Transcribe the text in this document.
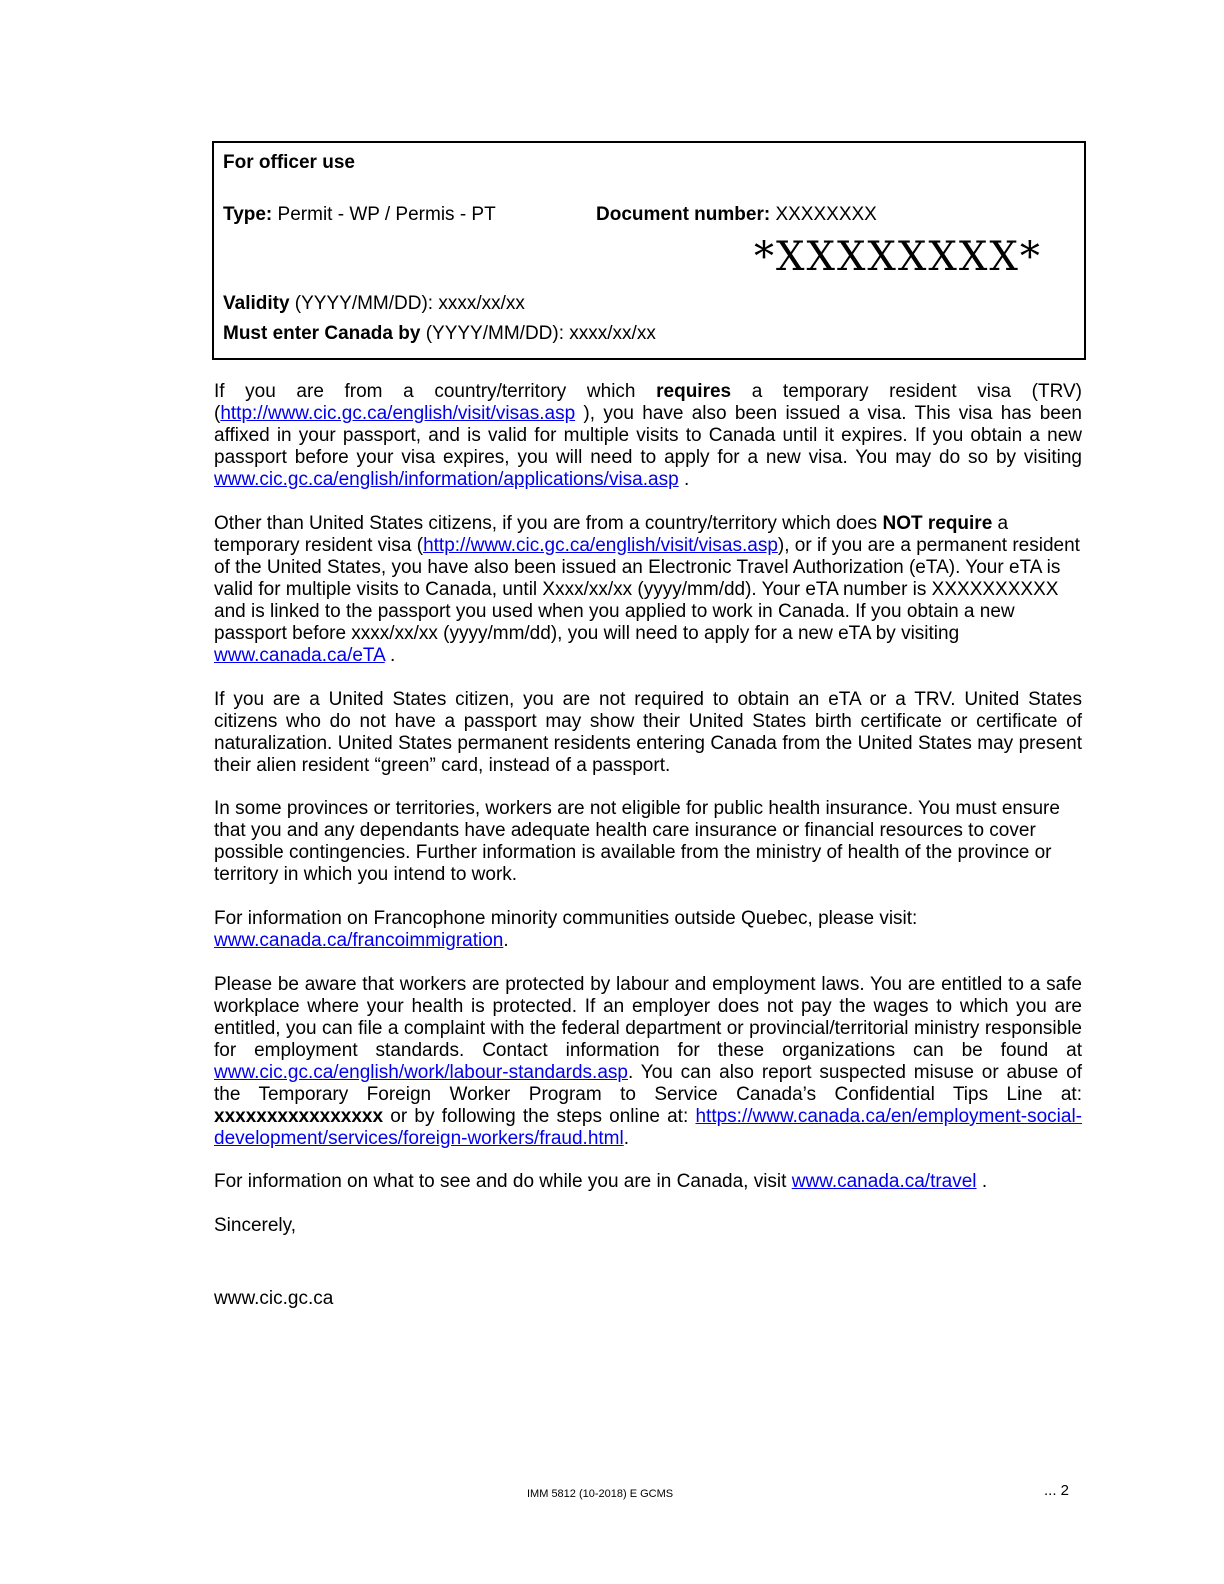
For officer use
Type: Permit - WP / Permis - PT	Document number: XXXXXXXX
*XXXXXXXX*
Validity (YYYY/MM/DD): xxxx/xx/xx
Must enter Canada by (YYYY/MM/DD): xxxx/xx/xx

If you are from a country/territory which requires a temporary resident visa (TRV) (http://www.cic.gc.ca/english/visit/visas.asp ), you have also been issued a visa. This visa has been affixed in your passport, and is valid for multiple visits to Canada until it expires. If you obtain a new passport before your visa expires, you will need to apply for a new visa. You may do so by visiting www.cic.gc.ca/english/information/applications/visa.asp .

Other than United States citizens, if you are from a country/territory which does NOT require a temporary resident visa (http://www.cic.gc.ca/english/visit/visas.asp), or if you are a permanent resident of the United States, you have also been issued an Electronic Travel Authorization (eTA). Your eTA is valid for multiple visits to Canada, until Xxxx/xx/xx (yyyy/mm/dd). Your eTA number is XXXXXXXXXX and is linked to the passport you used when you applied to work in Canada. If you obtain a new passport before xxxx/xx/xx (yyyy/mm/dd), you will need to apply for a new eTA by visiting www.canada.ca/eTA .

If you are a United States citizen, you are not required to obtain an eTA or a TRV. United States citizens who do not have a passport may show their United States birth certificate or certificate of naturalization. United States permanent residents entering Canada from the United States may present their alien resident “green” card, instead of a passport.

In some provinces or territories, workers are not eligible for public health insurance. You must ensure that you and any dependants have adequate health care insurance or financial resources to cover possible contingencies. Further information is available from the ministry of health of the province or territory in which you intend to work.

For information on Francophone minority communities outside Quebec, please visit: www.canada.ca/francoimmigration.

Please be aware that workers are protected by labour and employment laws. You are entitled to a safe workplace where your health is protected. If an employer does not pay the wages to which you are entitled, you can file a complaint with the federal department or provincial/territorial ministry responsible for employment standards. Contact information for these organizations can be found at www.cic.gc.ca/english/work/labour-standards.asp. You can also report suspected misuse or abuse of the Temporary Foreign Worker Program to Service Canada’s Confidential Tips Line at: xxxxxxxxxxxxxxxx or by following the steps online at: https://www.canada.ca/en/employment-social-development/services/foreign-workers/fraud.html.

For information on what to see and do while you are in Canada, visit www.canada.ca/travel .

Sincerely,

www.cic.gc.ca

IMM 5812 (10-2018) E GCMS	... 2
